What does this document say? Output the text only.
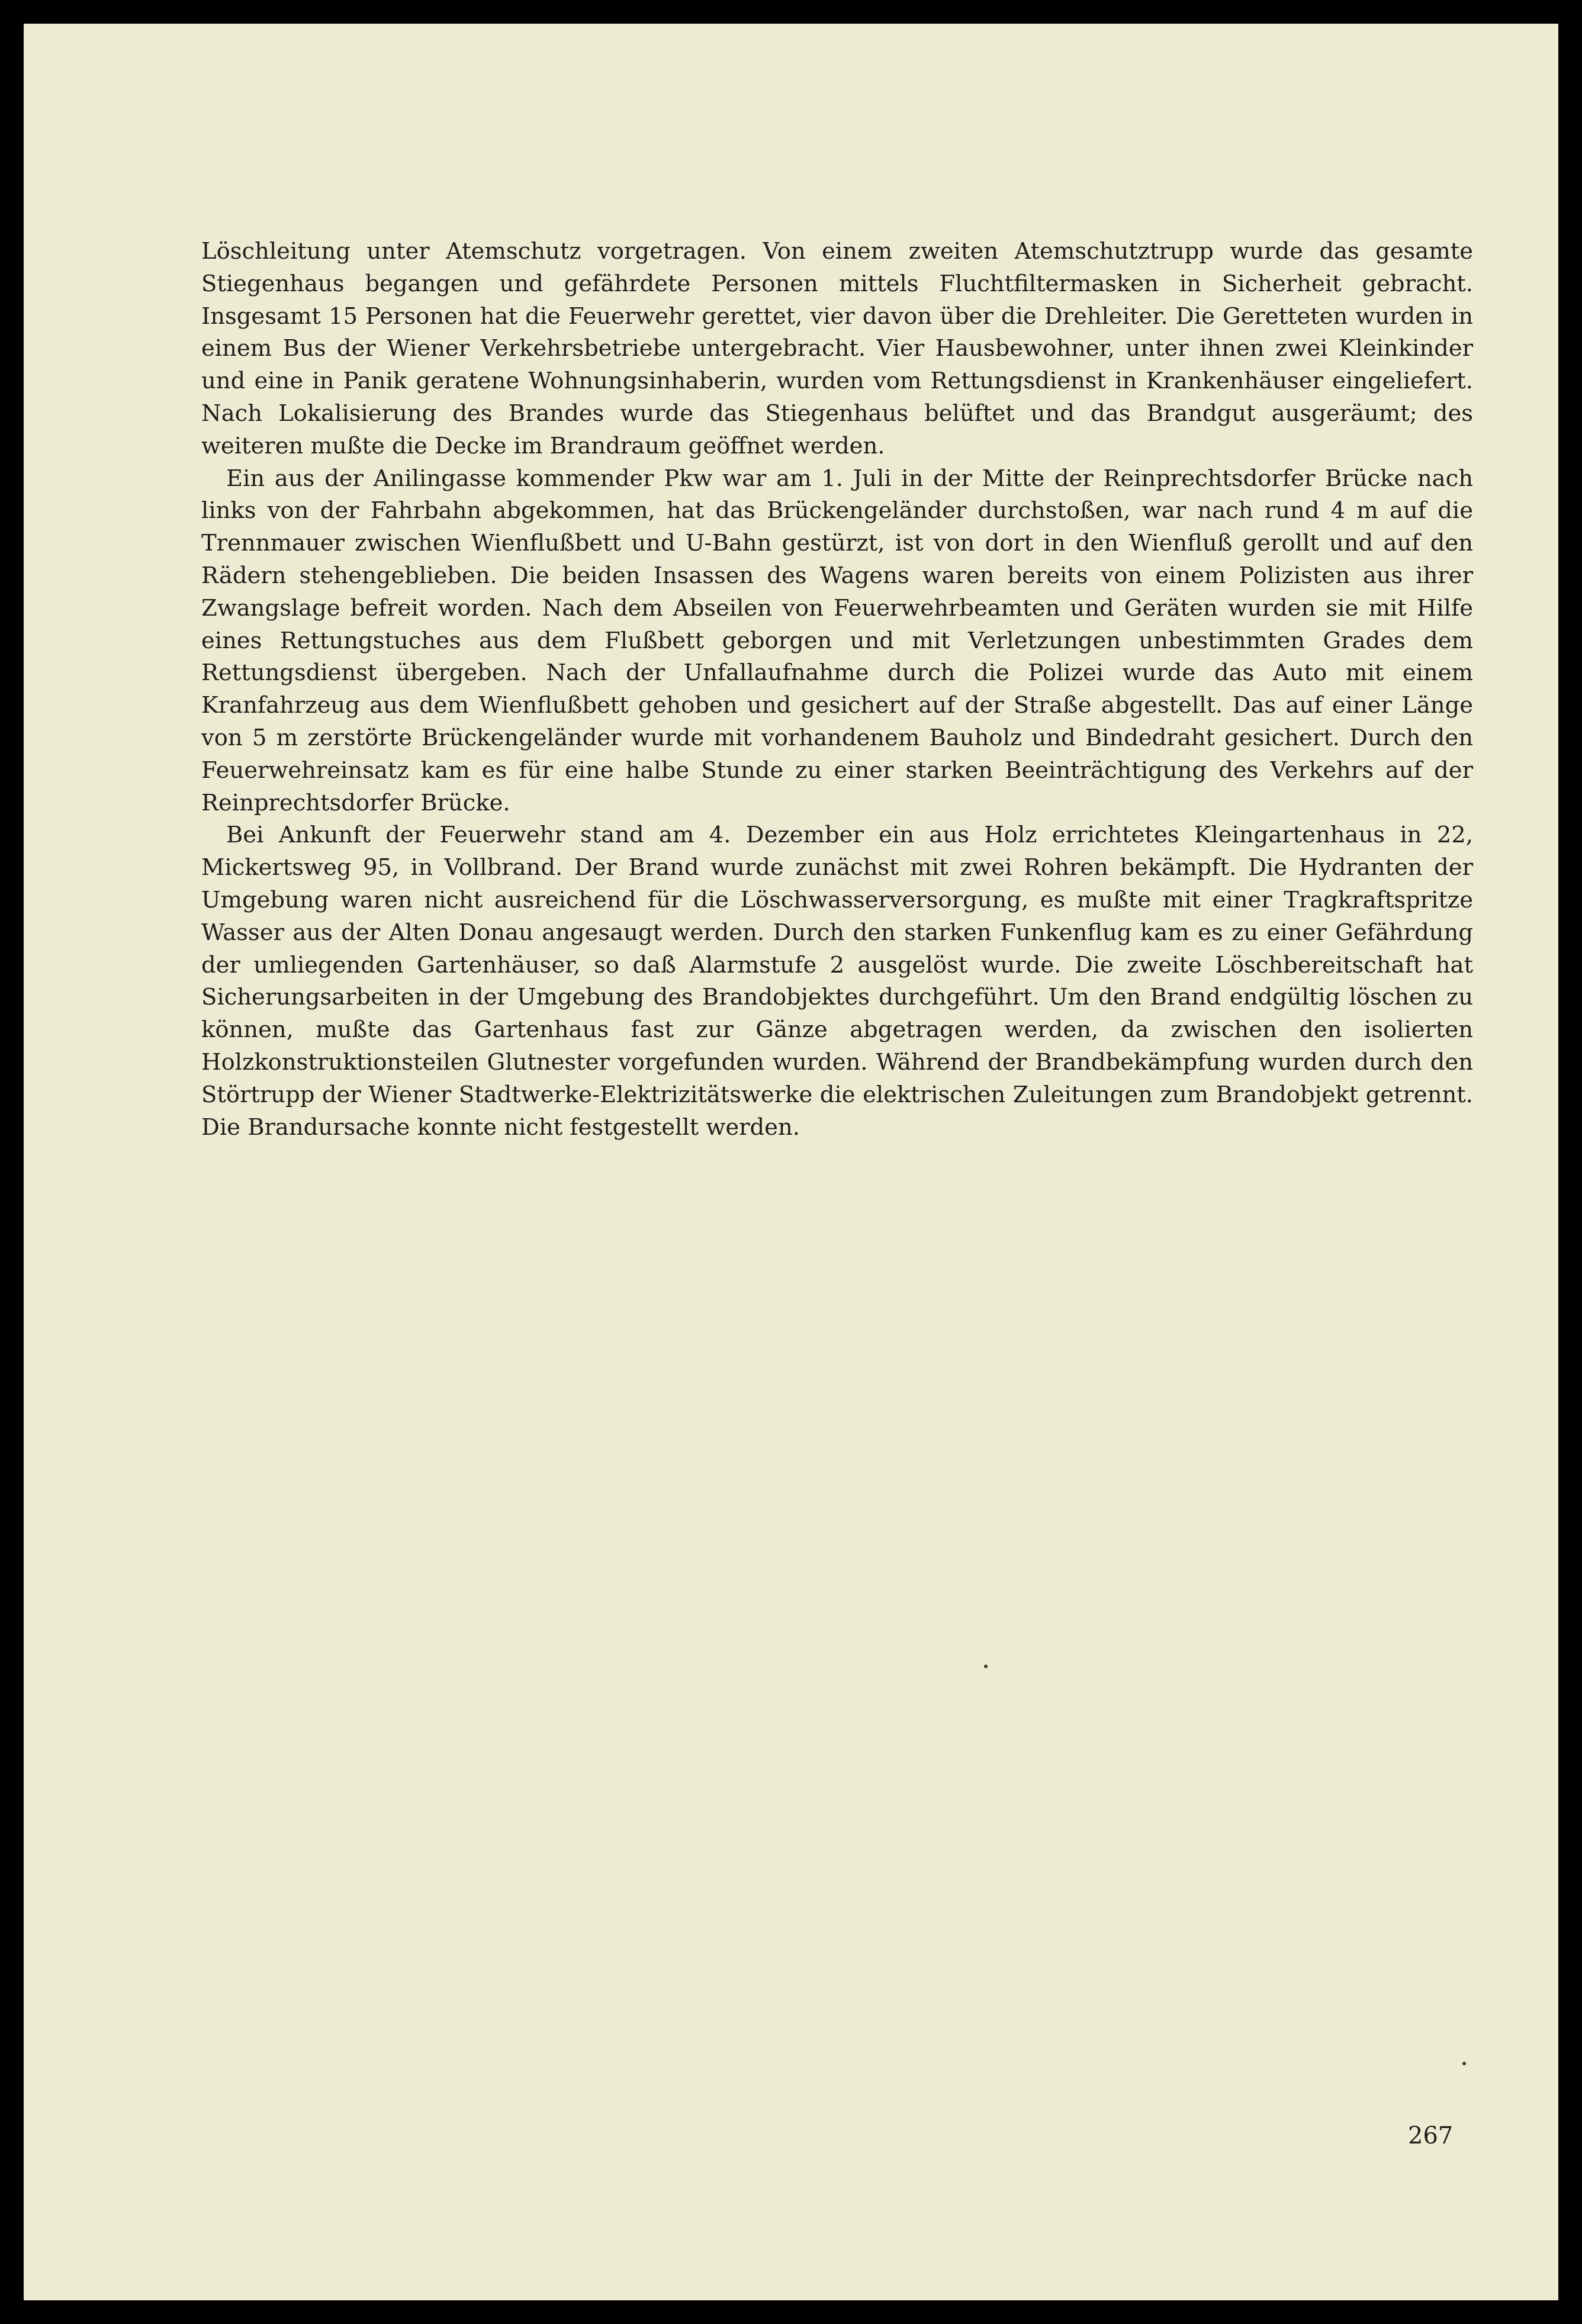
Löschleitung unter Atemschutz vorgetragen. Von einem zweiten Atemschutztrupp wurde das gesamte Stiegenhaus begangen und gefährdete Personen mittels Fluchtfiltermasken in Sicherheit gebracht. Insgesamt 15 Personen hat die Feuerwehr gerettet, vier davon über die Drehleiter. Die Geretteten wurden in einem Bus der Wiener Verkehrsbetriebe untergebracht. Vier Hausbewohner, unter ihnen zwei Kleinkinder und eine in Panik geratene Wohnungsinhaberin, wurden vom Rettungsdienst in Krankenhäuser eingeliefert. Nach Lokalisierung des Brandes wurde das Stiegenhaus belüftet und das Brandgut ausgeräumt; des weiteren mußte die Decke im Brandraum geöffnet werden.

Ein aus der Anilingasse kommender Pkw war am 1. Juli in der Mitte der Reinprechtsdorfer Brücke nach links von der Fahrbahn abgekommen, hat das Brückengeländer durchstoßen, war nach rund 4 m auf die Trennmauer zwischen Wienflußbett und U-Bahn gestürzt, ist von dort in den Wienfluß gerollt und auf den Rädern stehengeblieben. Die beiden Insassen des Wagens waren bereits von einem Polizisten aus ihrer Zwangslage befreit worden. Nach dem Abseilen von Feuerwehrbeamten und Geräten wurden sie mit Hilfe eines Rettungstuches aus dem Flußbett geborgen und mit Verletzungen unbestimmten Grades dem Rettungsdienst übergeben. Nach der Unfallaufnahme durch die Polizei wurde das Auto mit einem Kranfahrzeug aus dem Wienflußbett gehoben und gesichert auf der Straße abgestellt. Das auf einer Länge von 5 m zerstörte Brückengeländer wurde mit vorhandenem Bauholz und Bindedraht gesichert. Durch den Feuerwehreinsatz kam es für eine halbe Stunde zu einer starken Beeinträchtigung des Verkehrs auf der Reinprechtsdorfer Brücke.

Bei Ankunft der Feuerwehr stand am 4. Dezember ein aus Holz errichtetes Kleingartenhaus in 22, Mickertsweg 95, in Vollbrand. Der Brand wurde zunächst mit zwei Rohren bekämpft. Die Hydranten der Umgebung waren nicht ausreichend für die Löschwasserversorgung, es mußte mit einer Tragkraftspritze Wasser aus der Alten Donau angesaugt werden. Durch den starken Funkenflug kam es zu einer Gefährdung der umliegenden Gartenhäuser, so daß Alarmstufe 2 ausgelöst wurde. Die zweite Löschbereitschaft hat Sicherungsarbeiten in der Umgebung des Brandobjektes durchgeführt. Um den Brand endgültig löschen zu können, mußte das Gartenhaus fast zur Gänze abgetragen werden, da zwischen den isolierten Holzkonstruktionsteilen Glutnester vorgefunden wurden. Während der Brandbekämpfung wurden durch den Störtrupp der Wiener Stadtwerke-Elektrizitätswerke die elektrischen Zuleitungen zum Brandobjekt getrennt. Die Brandursache konnte nicht festgestellt werden.

267
